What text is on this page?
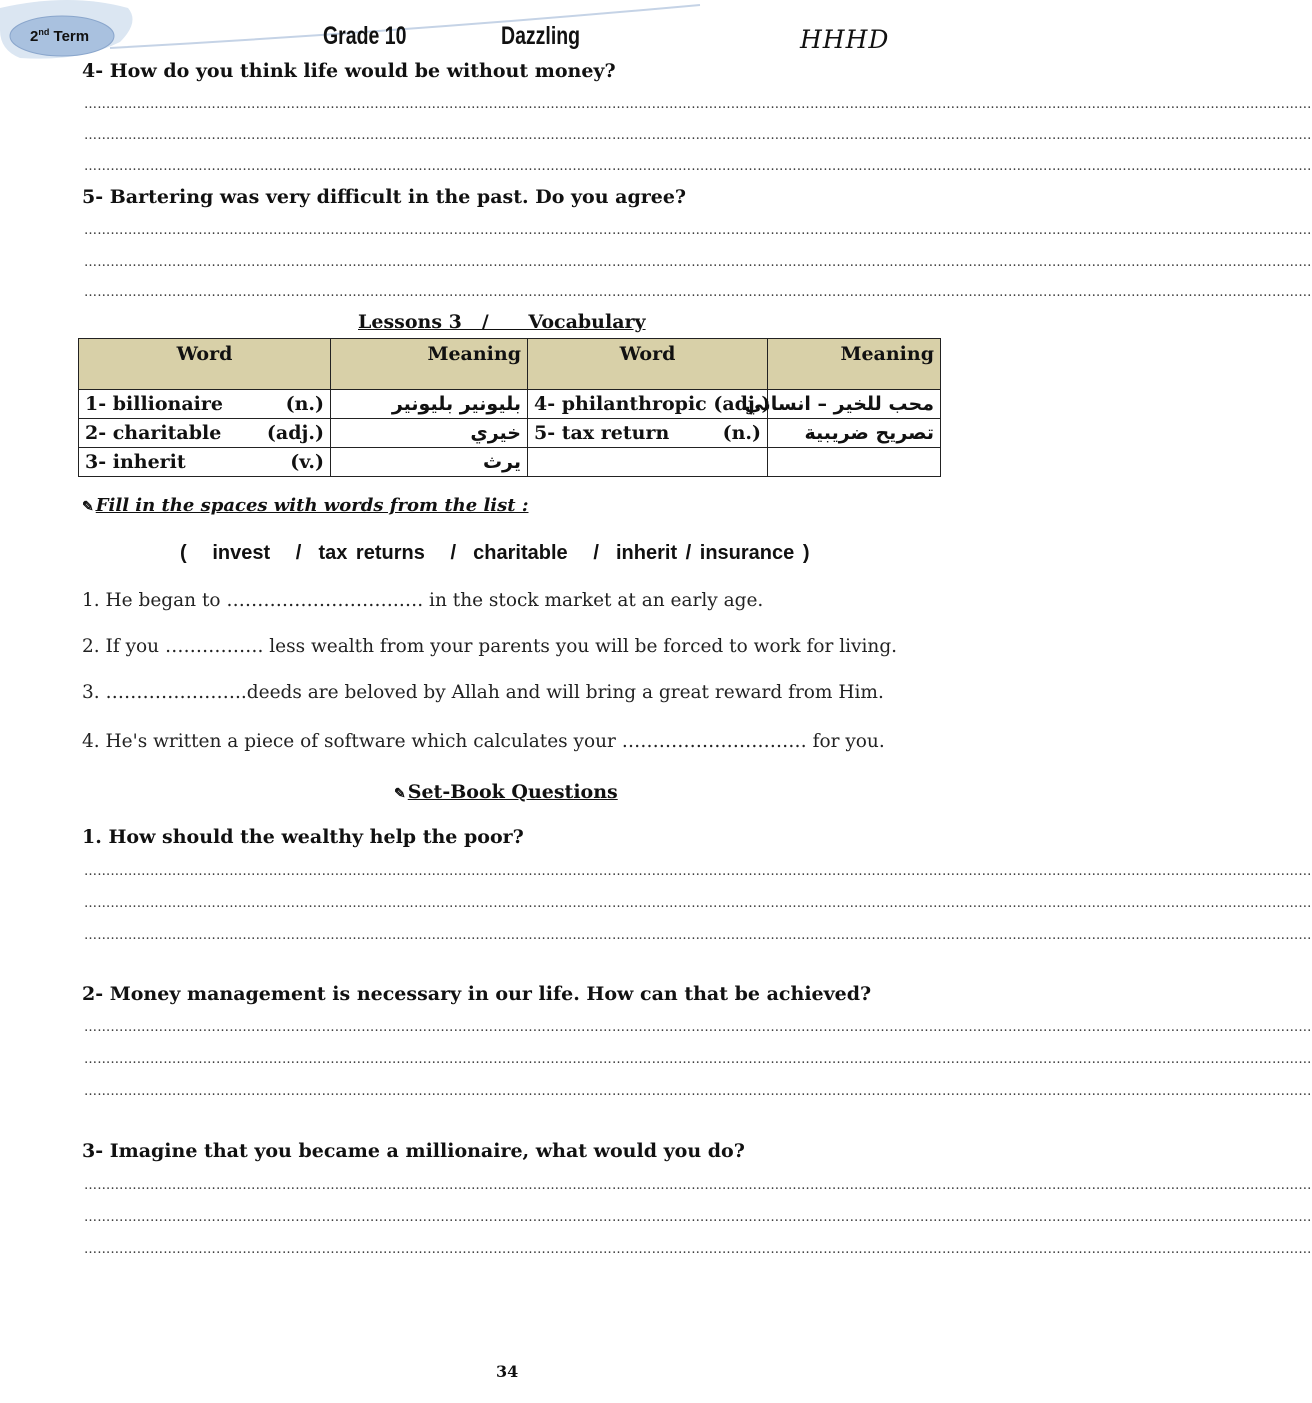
2nd Term	Grade 10	Dazzling	HHHD
4- How do you think life would be without money?
………………………………………………………………………………………………………………………………………………………………………………………………………………………………………………………
………………………………………………………………………………………………………………………………………………………………………………………………………………………………………………………
………………………………………………………………………………………………………………………………………………………………………………………………………………………………………………………
5- Bartering was very difficult in the past. Do you agree?
………………………………………………………………………………………………………………………………………………………………………………………………………………………………………………………
………………………………………………………………………………………………………………………………………………………………………………………………………………………………………………………
………………………………………………………………………………………………………………………………………………………………………………………………………………………………………………………
Lessons 3   /      Vocabulary
Word	Meaning	Word	Meaning
1- billionaire (n.)	بليونير بليونير	4- philanthropic (adj.)	محب للخير – انساني
2- charitable (adj.)	خيري	5- tax return (n.)	تصريح ضريبية
3- inherit (v.)	يرث		
✎ Fill in the spaces with words from the list :
(   invest   /  tax returns   /  charitable   /  inherit / insurance )
1. He began to ……………………….…. in the stock market at an early age.
2. If you ……………. less wealth from your parents you will be forced to work for living.
3. …………………..deeds are beloved by Allah and will bring a great reward from Him.
4. He's written a piece of software which calculates your ………………………… for you.
✎ Set-Book Questions
1. How should the wealthy help the poor?
………………………………………………………………………………………………………………………………………………………………………………………………………………………………………………………
………………………………………………………………………………………………………………………………………………………………………………………………………………………………………………………
………………………………………………………………………………………………………………………………………………………………………………………………………………………………………………………
2- Money management is necessary in our life. How can that be achieved?
………………………………………………………………………………………………………………………………………………………………………………………………………………………………………………………
………………………………………………………………………………………………………………………………………………………………………………………………………………………………………………………
………………………………………………………………………………………………………………………………………………………………………………………………………………………………………………………
3- Imagine that you became a millionaire, what would you do?
………………………………………………………………………………………………………………………………………………………………………………………………………………………………………………………
………………………………………………………………………………………………………………………………………………………………………………………………………………………………………………………
………………………………………………………………………………………………………………………………………………………………………………………………………………………………………………………
34
